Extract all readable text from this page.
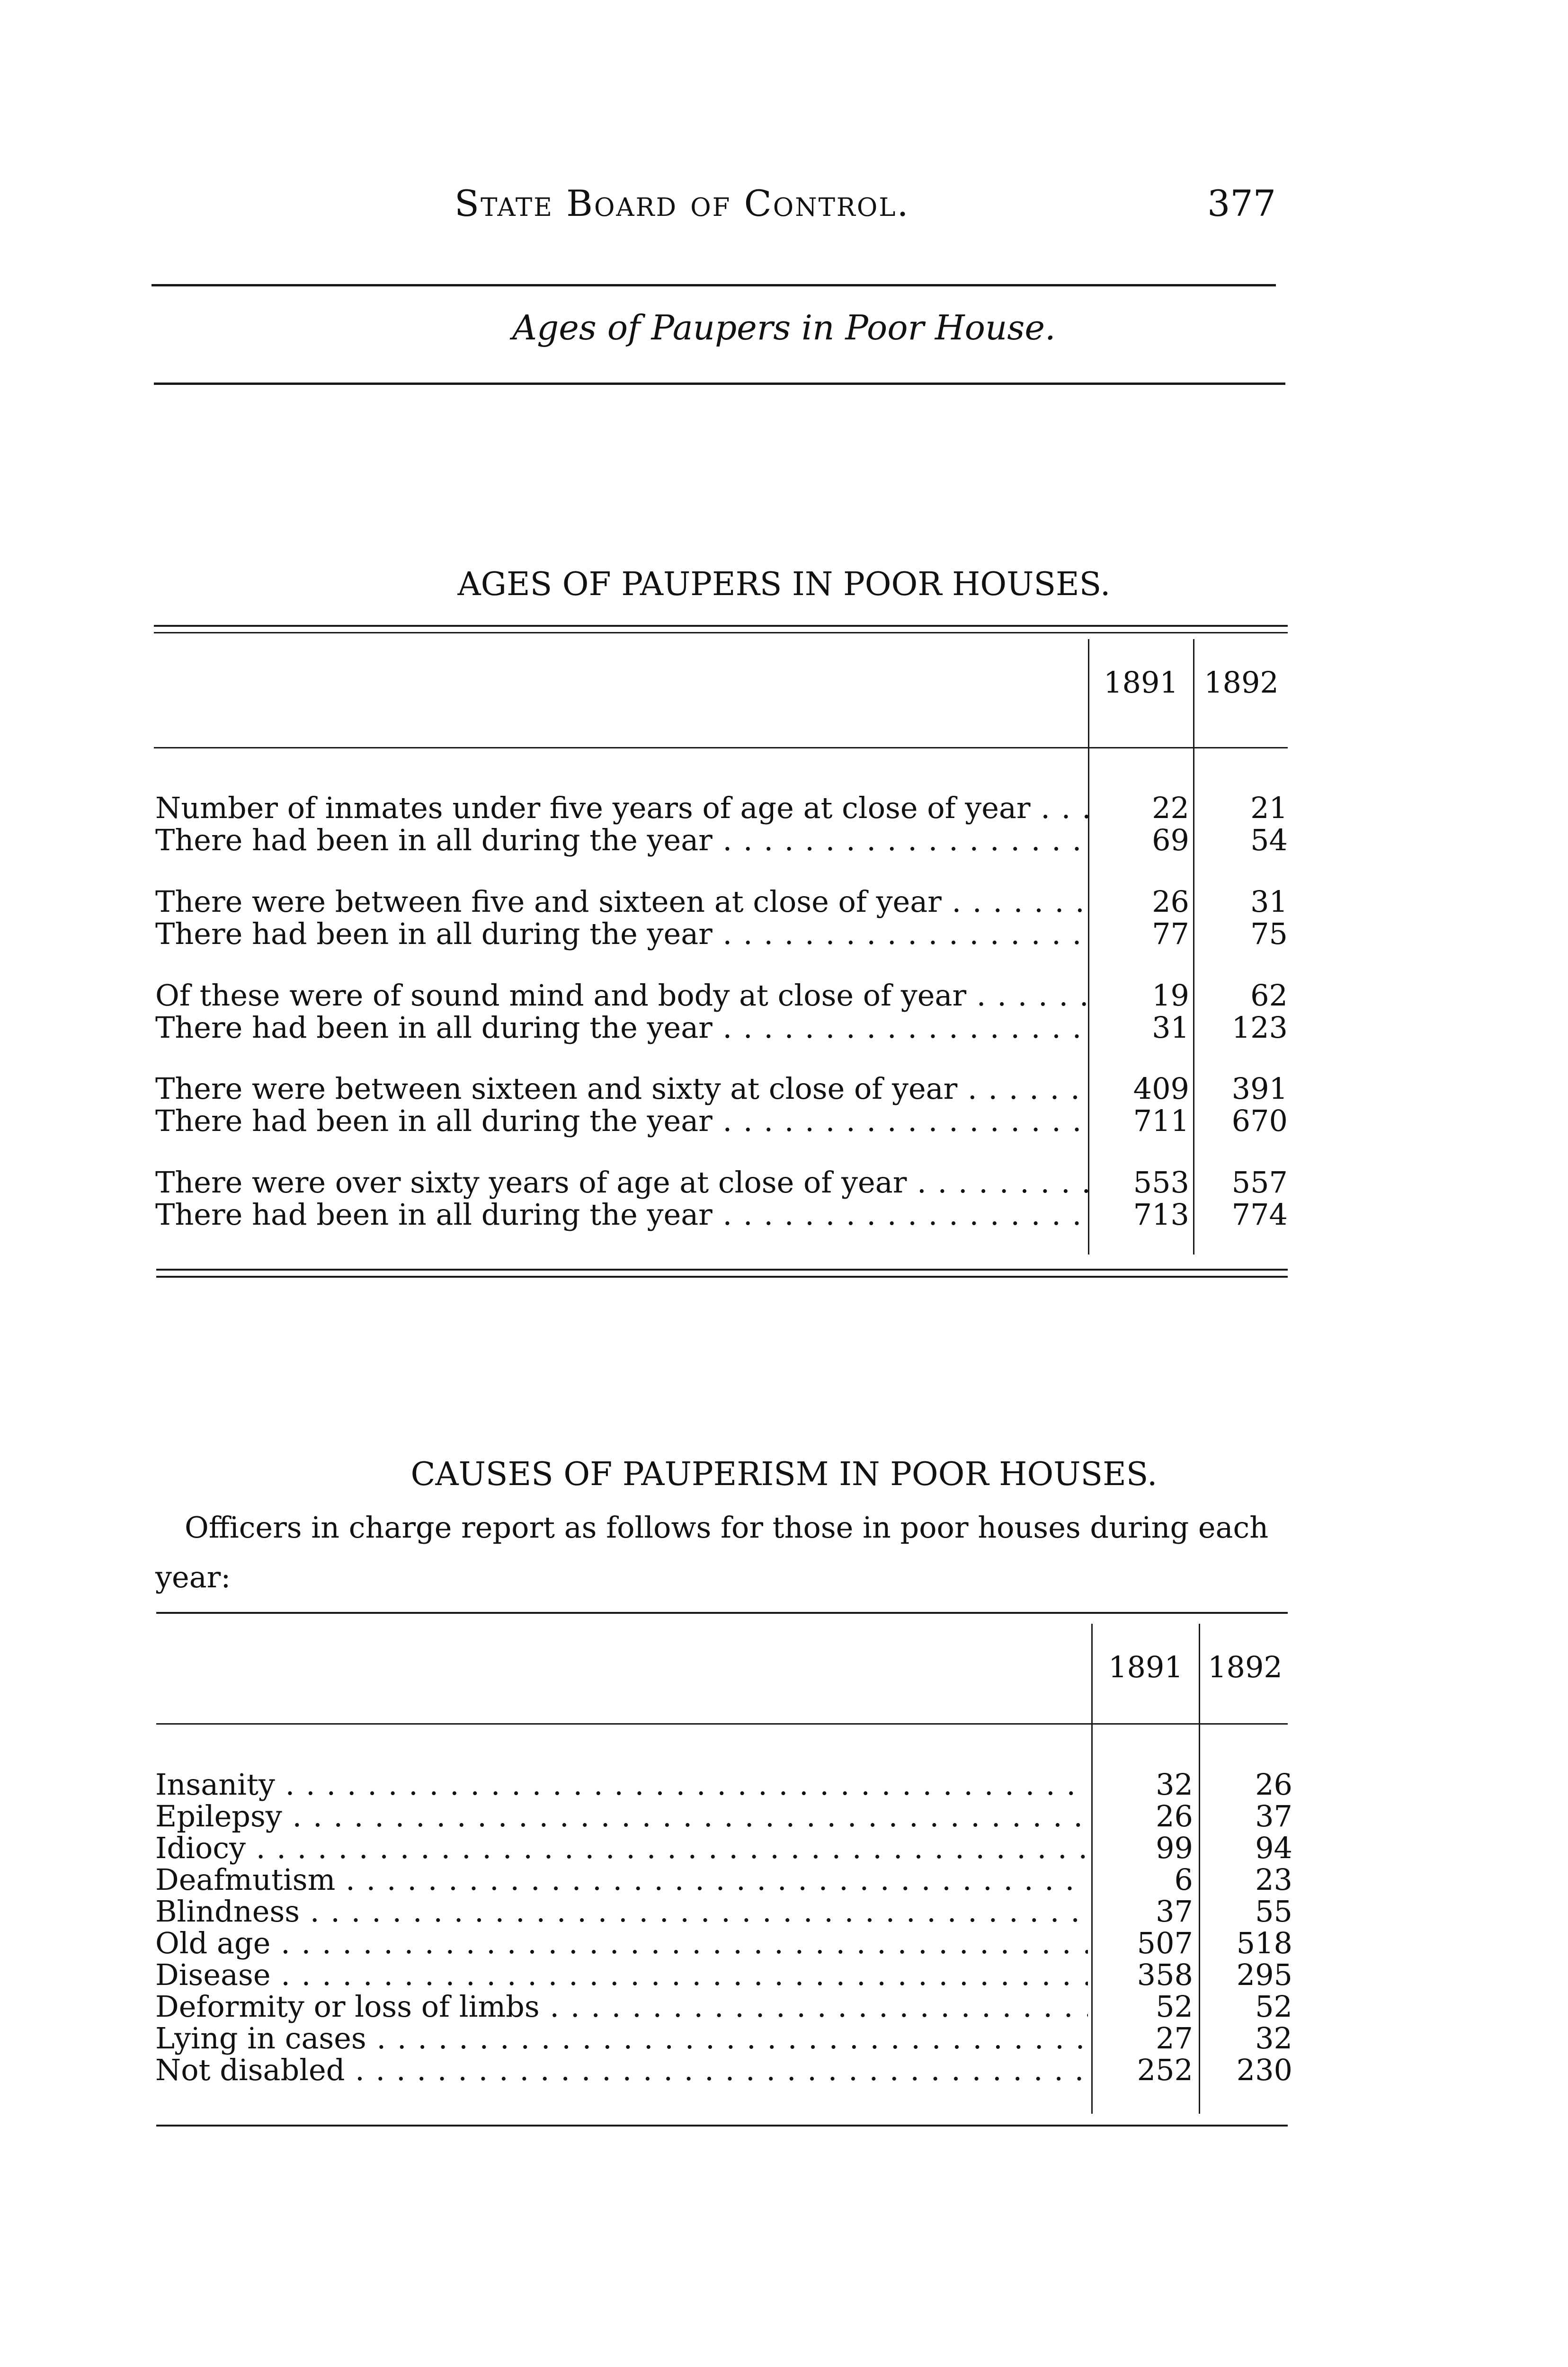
State Board of Control.	377
Ages of Paupers in Poor House.
AGES OF PAUPERS IN POOR HOUSES.
1891 1892
Number of inmates under five years of age at close of year . . .	22	21
There had been in all during the year . . .	69	54
There were between five and sixteen at close of year . . .	26	31
There had been in all during the year . . .	77	75
Of these were of sound mind and body at close of year . . .	19	62
There had been in all during the year . . .	31	123
There were between sixteen and sixty at close of year . . .	409	391
There had been in all during the year . . .	711	670
There were over sixty years of age at close of year . . .	553	557
There had been in all during the year . . .	713	774
CAUSES OF PAUPERISM IN POOR HOUSES.
Officers in charge report as follows for those in poor houses during each
year:
1891 1892
Insanity . . .	32	26
Epilepsy . . .	26	37
Idiocy . . .	99	94
Deafmutism . . .	6	23
Blindness . . .	37	55
Old age . . .	507	518
Disease . . .	358	295
Deformity or loss of limbs . . .	52	52
Lying in cases . . .	27	32
Not disabled . . .	252	230
